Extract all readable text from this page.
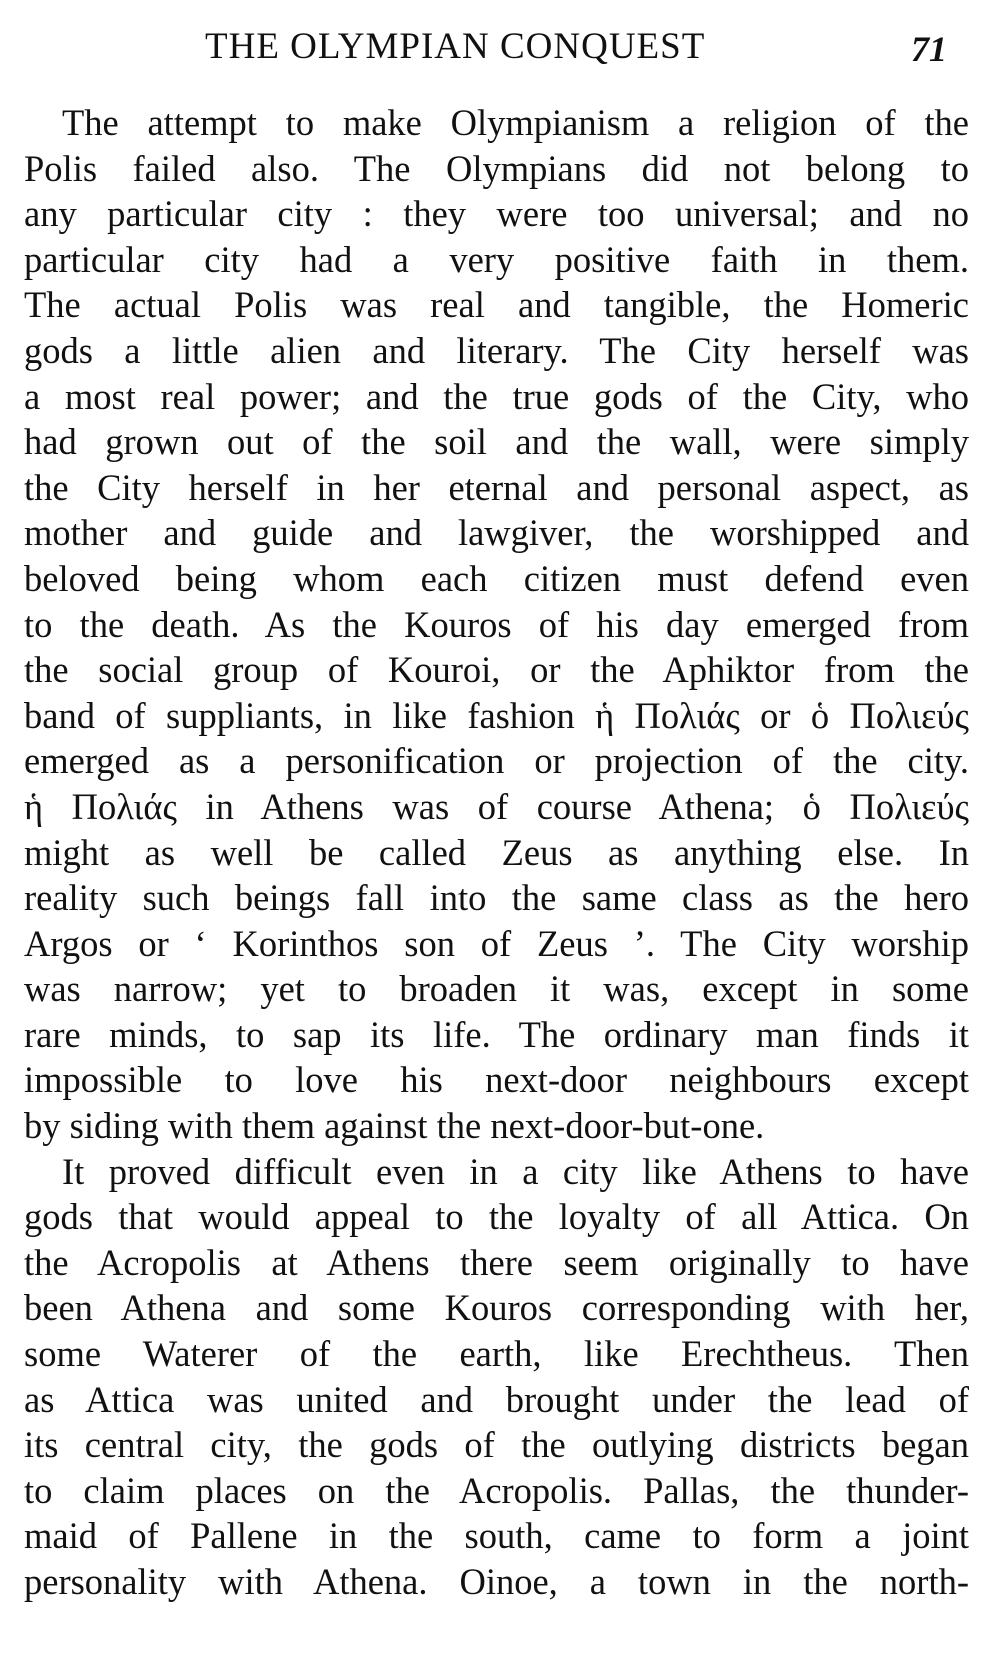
THE OLYMPIAN CONQUEST	71
The attempt to make Olympianism a religion of the
Polis failed also. The Olympians did not belong to
any particular city : they were too universal; and no
particular city had a very positive faith in them.
The actual Polis was real and tangible, the Homeric
gods a little alien and literary. The City herself was
a most real power; and the true gods of the City, who
had grown out of the soil and the wall, were simply
the City herself in her eternal and personal aspect, as
mother and guide and lawgiver, the worshipped and
beloved being whom each citizen must defend even
to the death. As the Kouros of his day emerged from
the social group of Kouroi, or the Aphiktor from the
band of suppliants, in like fashion ἡ Πολιάς or ὁ Πολιεύς
emerged as a personification or projection of the city.
ἡ Πολιάς in Athens was of course Athena; ὁ Πολιεύς
might as well be called Zeus as anything else. In
reality such beings fall into the same class as the hero
Argos or ‘ Korinthos son of Zeus ’. The City worship
was narrow; yet to broaden it was, except in some
rare minds, to sap its life. The ordinary man finds it
impossible to love his next-door neighbours except
by siding with them against the next-door-but-one.
It proved difficult even in a city like Athens to have
gods that would appeal to the loyalty of all Attica. On
the Acropolis at Athens there seem originally to have
been Athena and some Kouros corresponding with her,
some Waterer of the earth, like Erechtheus. Then
as Attica was united and brought under the lead of
its central city, the gods of the outlying districts began
to claim places on the Acropolis. Pallas, the thunder-
maid of Pallene in the south, came to form a joint
personality with Athena. Oinoe, a town in the north-
